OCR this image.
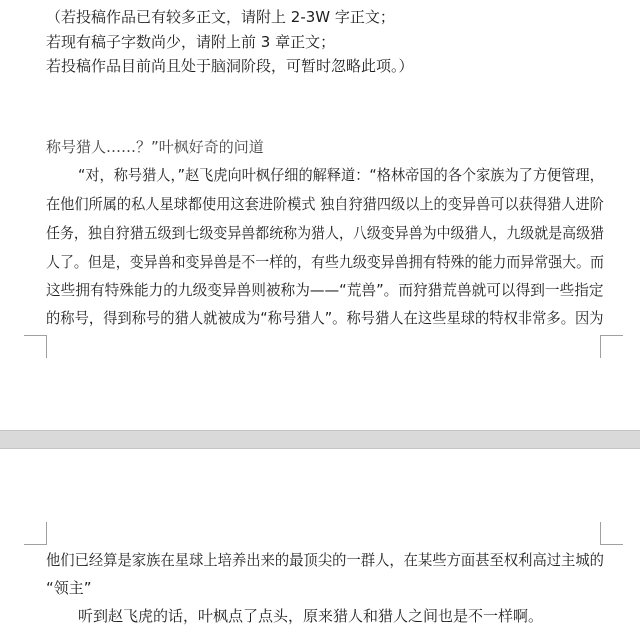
（若投稿作品已有较多正文，请附上 2-3W 字正文；
若现有稿子字数尚少，请附上前 3 章正文；
若投稿作品目前尚且处于脑洞阶段，可暂时忽略此项。）
称号猎人……？”叶枫好奇的问道
“对，称号猎人，”赵飞虎向叶枫仔细的解释道：“格林帝国的各个家族为了方便管理，
在他们所属的私人星球都使用这套进阶模式 独自狩猎四级以上的变异兽可以获得猎人进阶
任务，独自狩猎五级到七级变异兽都统称为猎人，八级变异兽为中级猎人，九级就是高级猎
人了。但是，变异兽和变异兽是不一样的，有些九级变异兽拥有特殊的能力而异常强大。而
这些拥有特殊能力的九级变异兽则被称为——“荒兽”。而狩猎荒兽就可以得到一些指定
的称号，得到称号的猎人就被成为“称号猎人”。称号猎人在这些星球的特权非常多。因为
他们已经算是家族在星球上培养出来的最顶尖的一群人，在某些方面甚至权利高过主城的
“领主”
听到赵飞虎的话，叶枫点了点头，原来猎人和猎人之间也是不一样啊。
